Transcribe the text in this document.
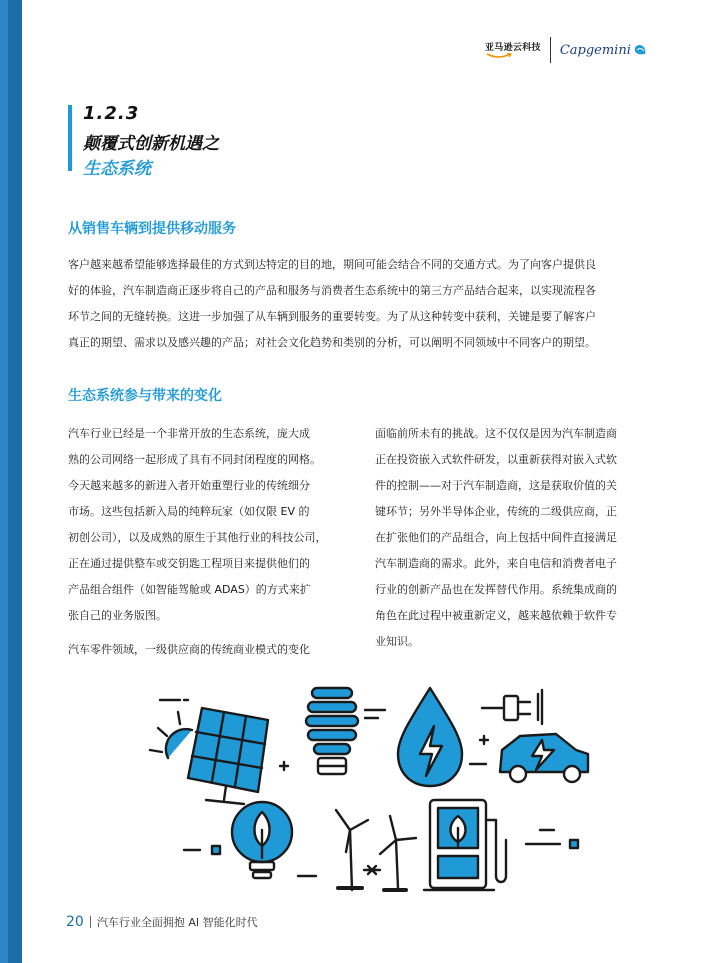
亚马逊云科技 Capgemini
1.2.3
颠覆式创新机遇之
生态系统
从销售车辆到提供移动服务
客户越来越希望能够选择最佳的方式到达特定的目的地，期间可能会结合不同的交通方式。为了向客户提供良
好的体验，汽车制造商正逐步将自己的产品和服务与消费者生态系统中的第三方产品结合起来，以实现流程各
环节之间的无缝转换。这进一步加强了从车辆到服务的重要转变。为了从这种转变中获利，关键是要了解客户
真正的期望、需求以及感兴趣的产品；对社会文化趋势和类别的分析，可以阐明不同领域中不同客户的期望。
生态系统参与带来的变化
汽车行业已经是一个非常开放的生态系统，庞大成
熟的公司网络一起形成了具有不同封闭程度的网格。
今天越来越多的新进入者开始重塑行业的传统细分
市场。这些包括新入局的纯粹玩家（如仅限 EV 的
初创公司），以及成熟的原生于其他行业的科技公司，
正在通过提供整车或交钥匙工程项目来提供他们的
产品组合组件（如智能驾舱或 ADAS）的方式来扩
张自己的业务版图。
汽车零件领域，一级供应商的传统商业模式的变化
面临前所未有的挑战。这不仅仅是因为汽车制造商
正在投资嵌入式软件研发，以重新获得对嵌入式软
件的控制——对于汽车制造商，这是获取价值的关
键环节；另外半导体企业，传统的二级供应商，正
在扩张他们的产品组合，向上包括中间件直接满足
汽车制造商的需求。此外，来自电信和消费者电子
行业的创新产品也在发挥替代作用。系统集成商的
角色在此过程中被重新定义，越来越依赖于软件专
业知识。
20 汽车行业全面拥抱 AI 智能化时代
